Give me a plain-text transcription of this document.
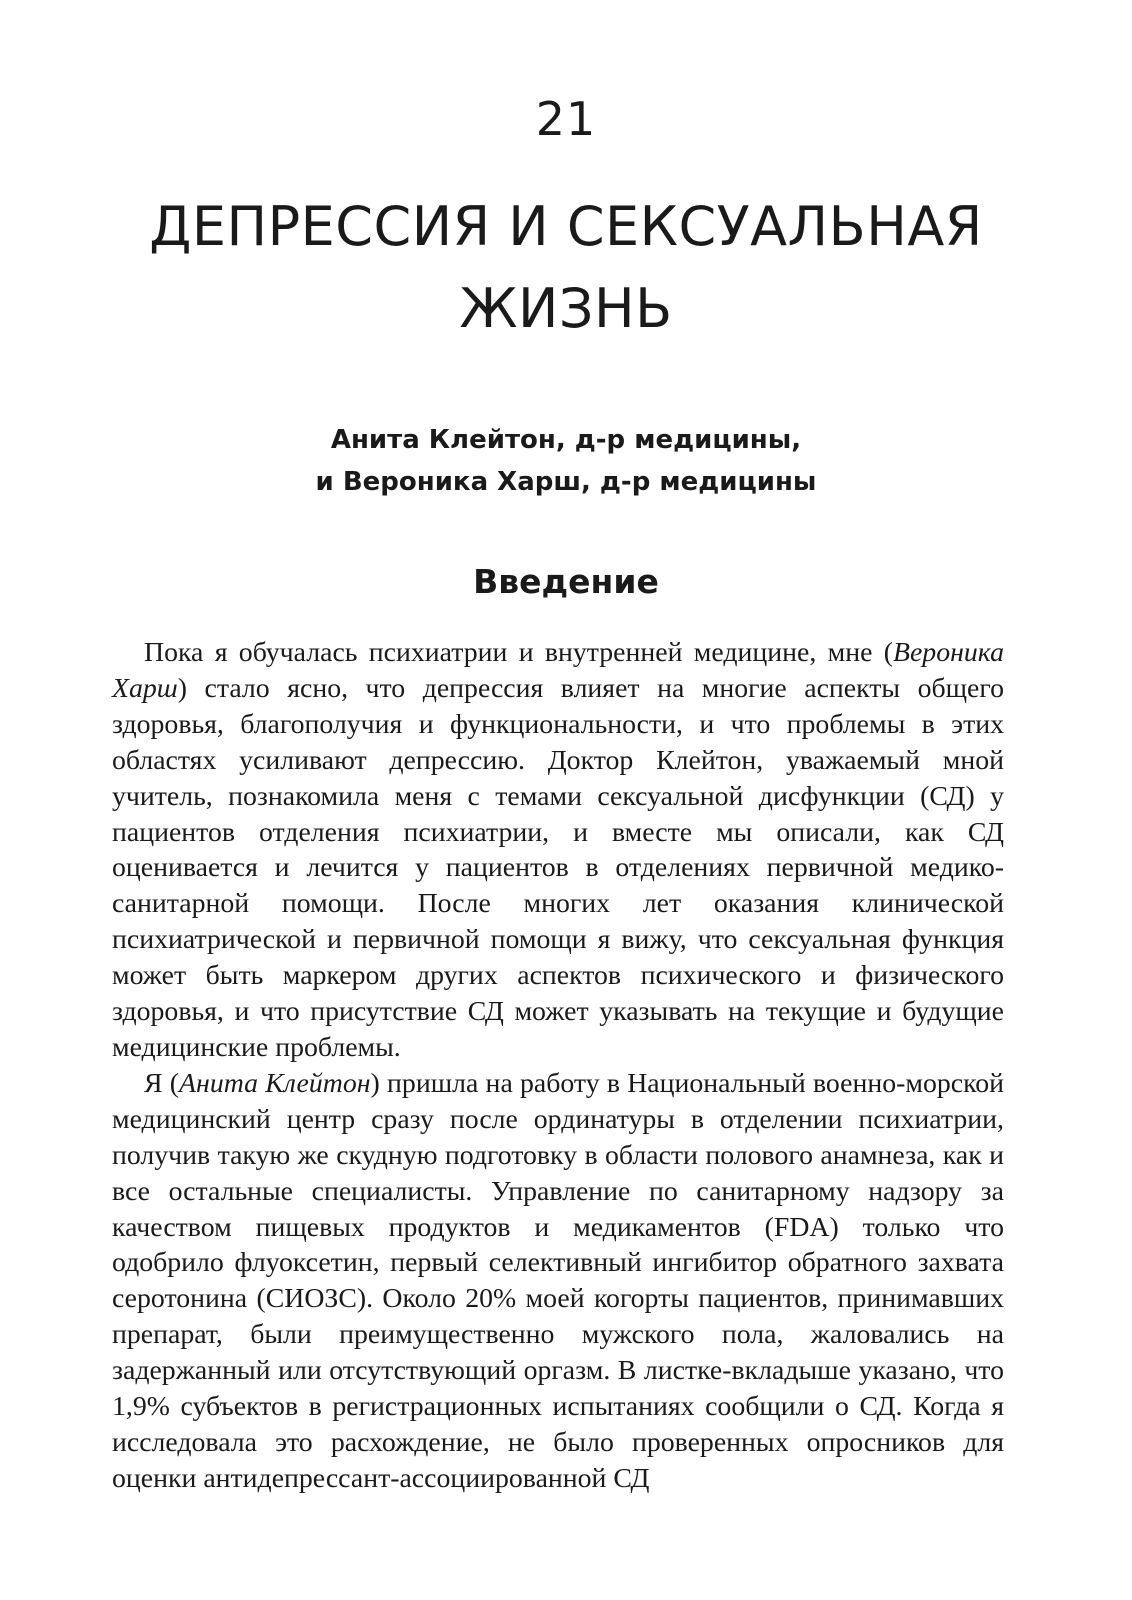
21
ДЕПРЕССИЯ И СЕКСУАЛЬНАЯ
ЖИЗНЬ
Анита Клейтон, д-р медицины,
и Вероника Харш, д-р медицины
Введение

Пока я обучалась психиатрии и внутренней медицине, мне (Вероника Харш) стало ясно, что депрессия влияет на многие аспекты общего здоровья, благополучия и функциональности, и что проблемы в этих областях усиливают депрессию. Доктор Клейтон, уважаемый мной учитель, познакомила меня с темами сексуальной дисфункции (СД) у пациентов отделения психиатрии, и вместе мы описали, как СД оценивается и лечится у пациентов в отделениях первичной медико-санитарной помощи. После многих лет оказания клинической психиатрической и первичной помощи я вижу, что сексуальная функция может быть маркером других аспектов психического и физического здоровья, и что присутствие СД может указывать на текущие и будущие медицинские проблемы.

Я (Анита Клейтон) пришла на работу в Национальный военно-морской медицинский центр сразу после ординатуры в отделении психиатрии, получив такую же скудную подготовку в области полового анамнеза, как и все остальные специалисты. Управление по санитарному надзору за качеством пищевых продуктов и медикаментов (FDA) только что одобрило флуоксетин, первый селективный ингибитор обратного захвата серотонина (СИОЗС). Около 20% моей когорты пациентов, принимавших препарат, были преимущественно мужского пола, жаловались на задержанный или отсутствующий оргазм. В листке-вкладыше указано, что 1,9% субъектов в регистрационных испытаниях сообщили о СД. Когда я исследовала это расхождение, не было проверенных опросников для оценки антидепрессант-ассоциированной СД
